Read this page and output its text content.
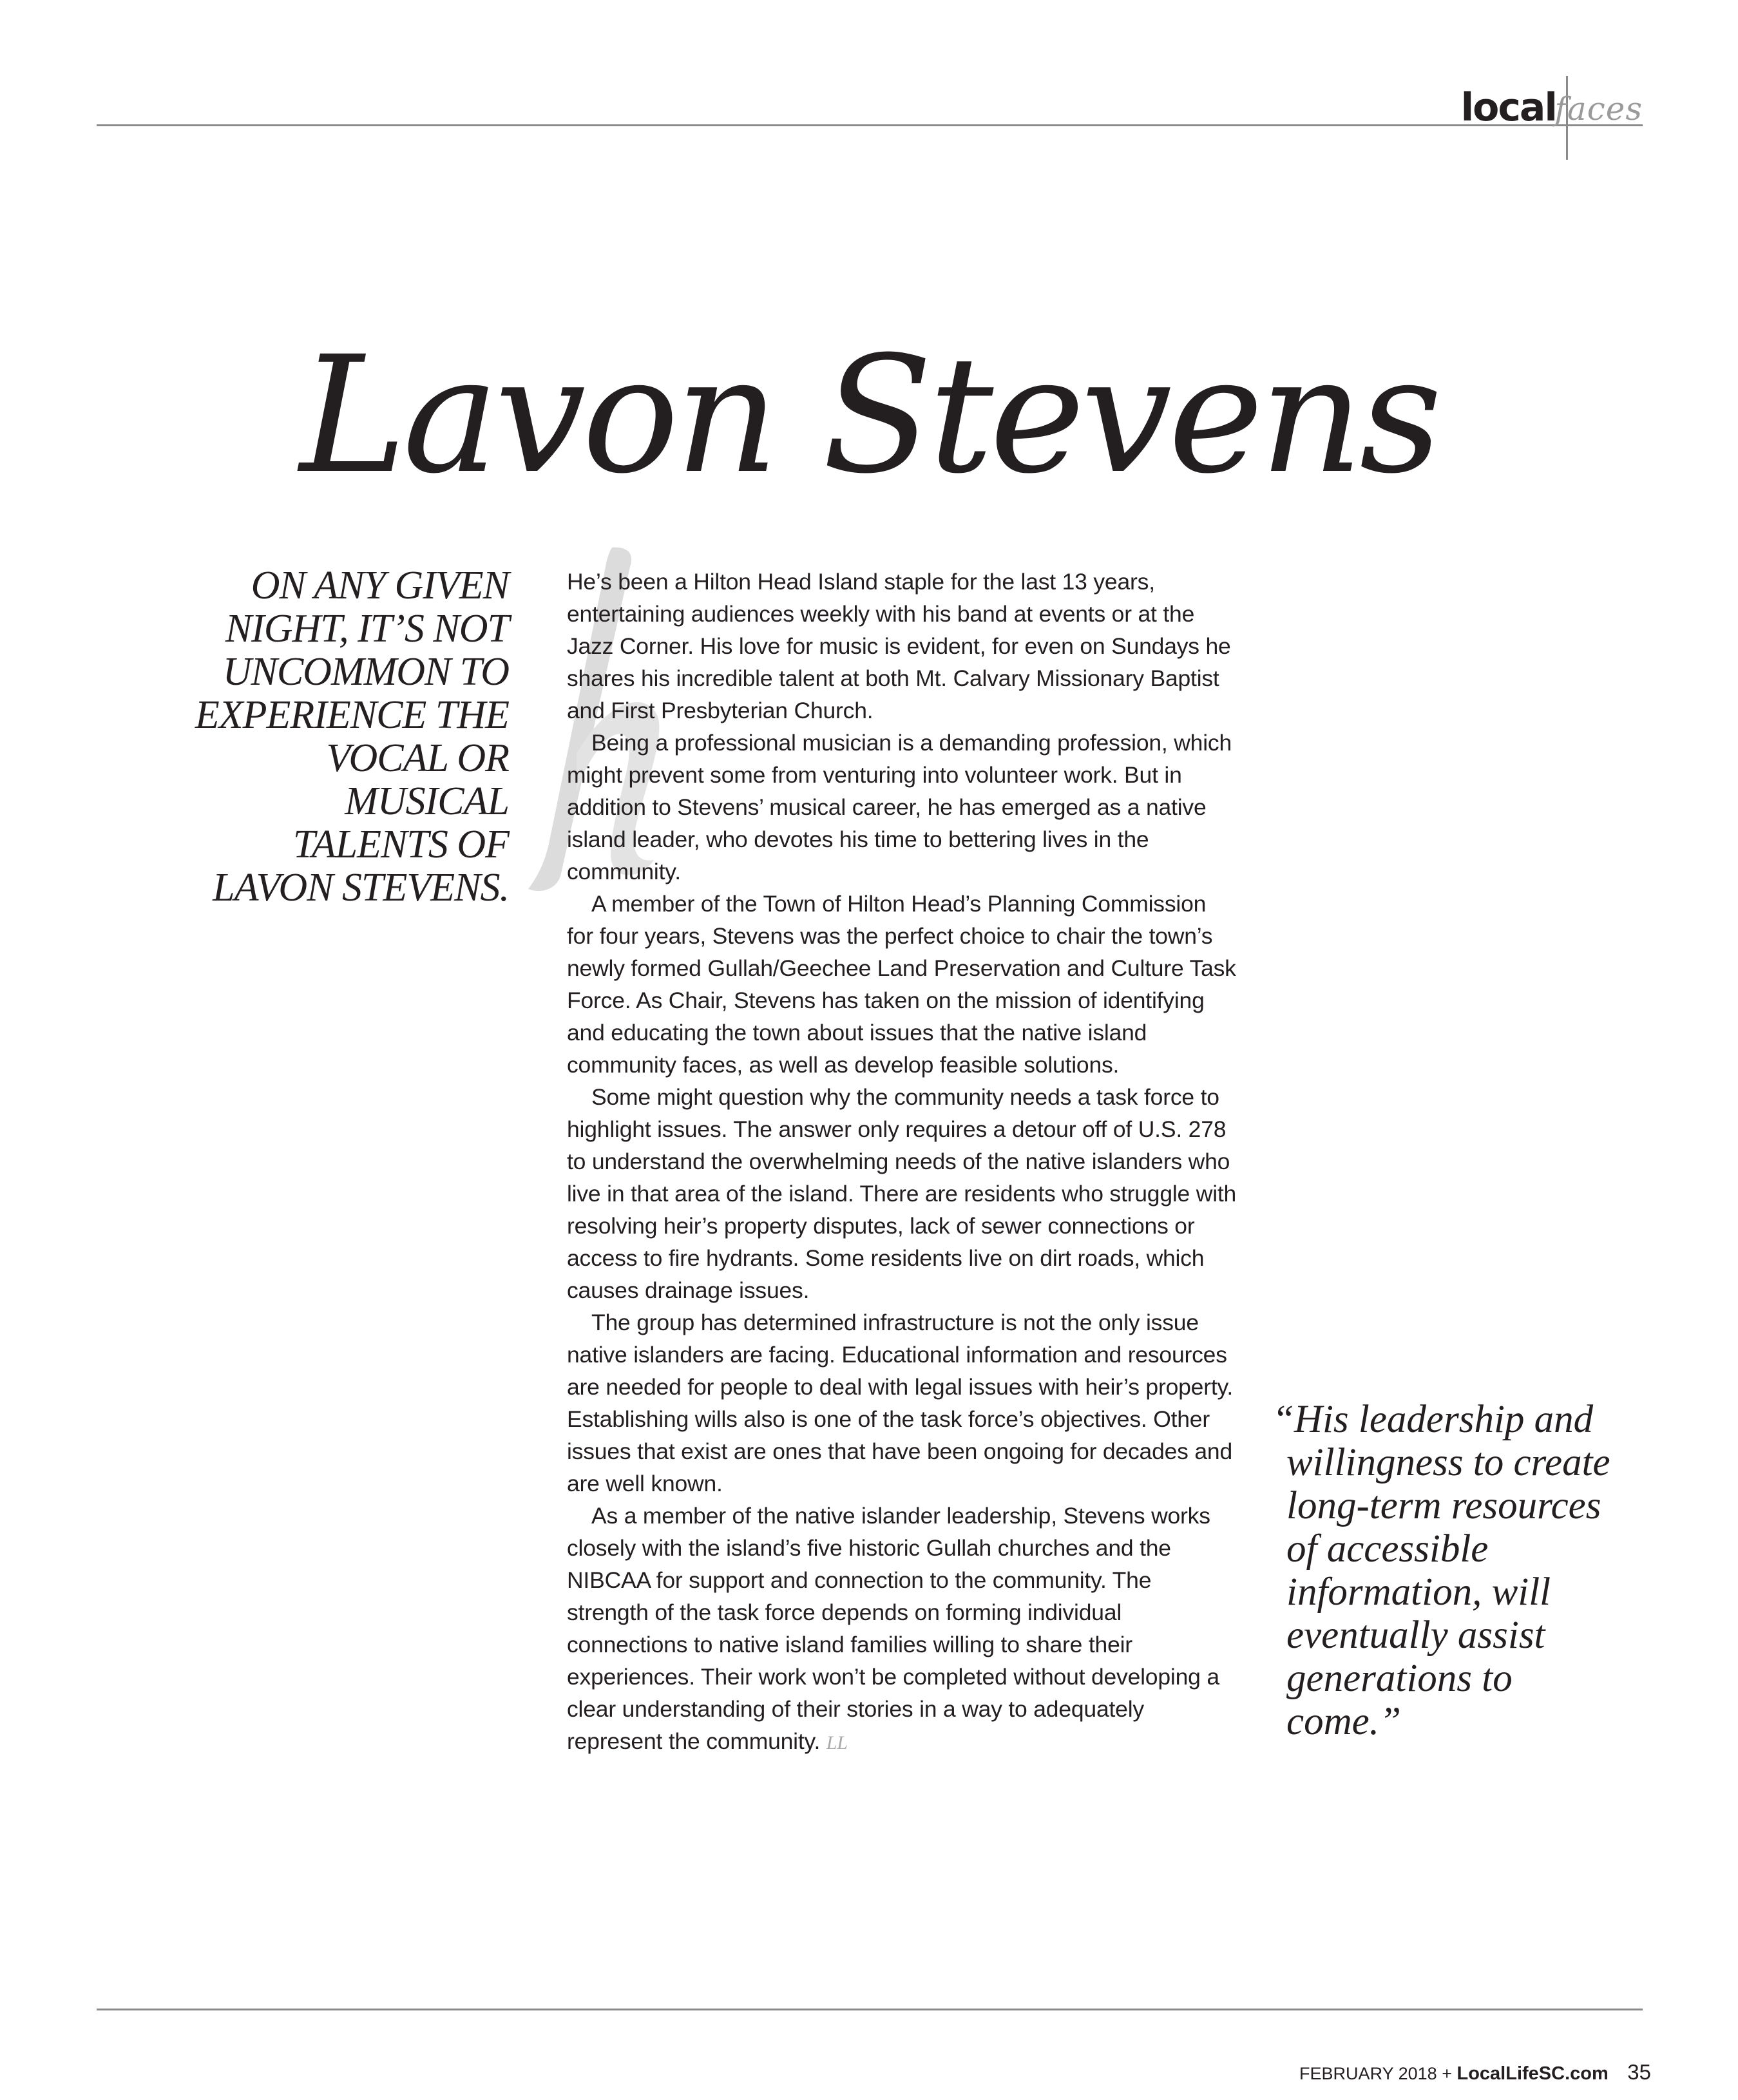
local
faces
Lavon Stevens

ON ANY GIVEN NIGHT, IT’S NOT UNCOMMON TO EXPERIENCE THE VOCAL OR MUSICAL TALENTS OF LAVON STEVENS.

He’s been a Hilton Head Island staple for the last 13 years, entertaining audiences weekly with his band at events or at the Jazz Corner. His love for music is evident, for even on Sundays he shares his incredible talent at both Mt. Calvary Missionary Baptist and First Presbyterian Church.

Being a professional musician is a demanding profession, which might prevent some from venturing into volunteer work. But in addition to Stevens’ musical career, he has emerged as a native island leader, who devotes his time to bettering lives in the community.

A member of the Town of Hilton Head’s Planning Commission for four years, Stevens was the perfect choice to chair the town’s newly formed Gullah/Geechee Land Preservation and Culture Task Force. As Chair, Stevens has taken on the mission of identifying and educating the town about issues that the native island community faces, as well as develop feasible solutions.

Some might question why the community needs a task force to highlight issues. The answer only requires a detour off of U.S. 278 to understand the overwhelming needs of the native islanders who live in that area of the island. There are residents who struggle with resolving heir’s property disputes, lack of sewer connections or access to fire hydrants. Some residents live on dirt roads, which causes drainage issues.

The group has determined infrastructure is not the only issue native islanders are facing. Educational information and resources are needed for people to deal with legal issues with heir’s property. Establishing wills also is one of the task force’s objectives. Other issues that exist are ones that have been ongoing for decades and are well known.

As a member of the native islander leadership, Stevens works closely with the island’s five historic Gullah churches and the NIBCAA for support and connection to the community. The strength of the task force depends on forming individual connections to native island families willing to share their experiences. Their work won’t be completed without developing a clear understanding of their stories in a way to adequately represent the community. LL

“His leadership and willingness to create long-term resources of accessible information, will eventually assist generations to come.”

FEBRUARY 2018 + LocalLifeSC.com 35
